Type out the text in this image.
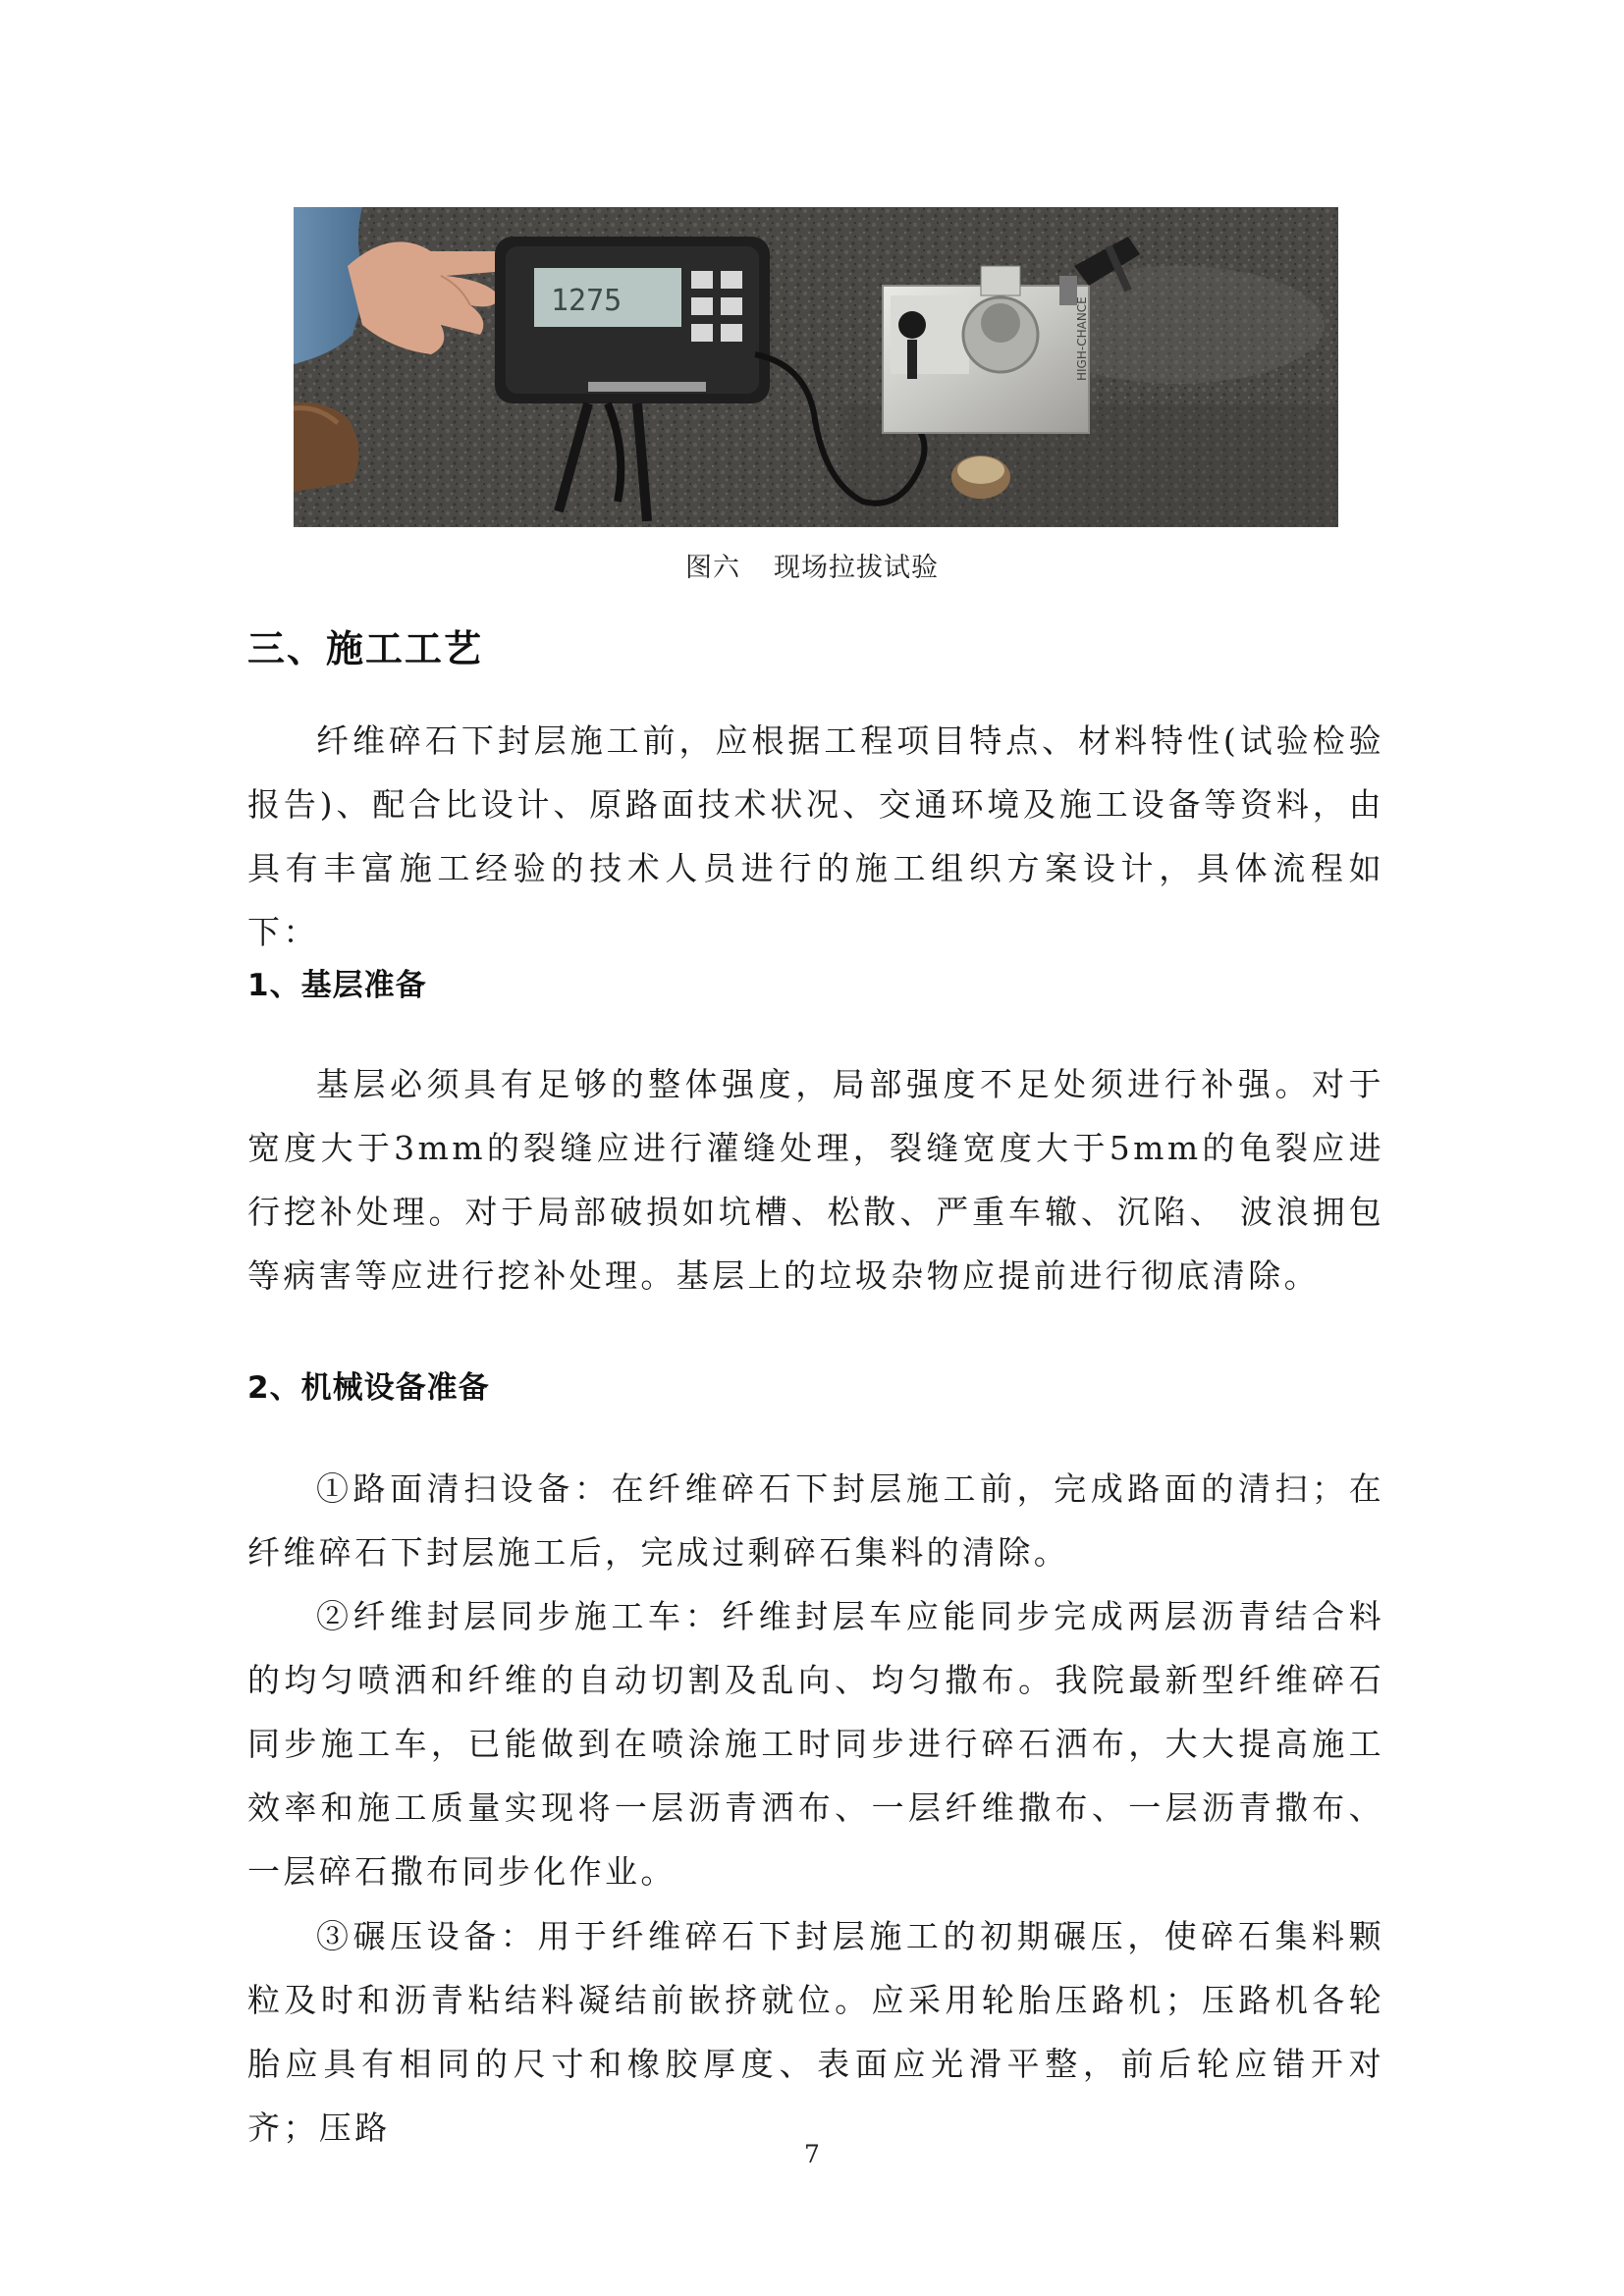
1275	HIGH-CHANCE
图六 现场拉拔试验
三、施工工艺

纤维碎石下封层施工前，应根据工程项目特点、材料特性(试验检验报告)、配合比设计、原路面技术状况、交通环境及施工设备等资料，由具有丰富施工经验的技术人员进行的施工组织方案设计，具体流程如下：

1、基层准备

基层必须具有足够的整体强度，局部强度不足处须进行补强。对于宽度大于3mm的裂缝应进行灌缝处理，裂缝宽度大于5mm的龟裂应进行挖补处理。对于局部破损如坑槽、松散、严重车辙、沉陷、 波浪拥包等病害等应进行挖补处理。基层上的垃圾杂物应提前进行彻底清除。

2、机械设备准备

①路面清扫设备：在纤维碎石下封层施工前，完成路面的清扫；在纤维碎石下封层施工后，完成过剩碎石集料的清除。

②纤维封层同步施工车：纤维封层车应能同步完成两层沥青结合料的均匀喷洒和纤维的自动切割及乱向、均匀撒布。我院最新型纤维碎石同步施工车，已能做到在喷涂施工时同步进行碎石洒布，大大提高施工效率和施工质量实现将一层沥青洒布、一层纤维撒布、一层沥青撒布、一层碎石撒布同步化作业。

③碾压设备：用于纤维碎石下封层施工的初期碾压，使碎石集料颗粒及时和沥青粘结料凝结前嵌挤就位。应采用轮胎压路机；压路机各轮胎应具有相同的尺寸和橡胶厚度、表面应光滑平整，前后轮应错开对齐；压路

7
